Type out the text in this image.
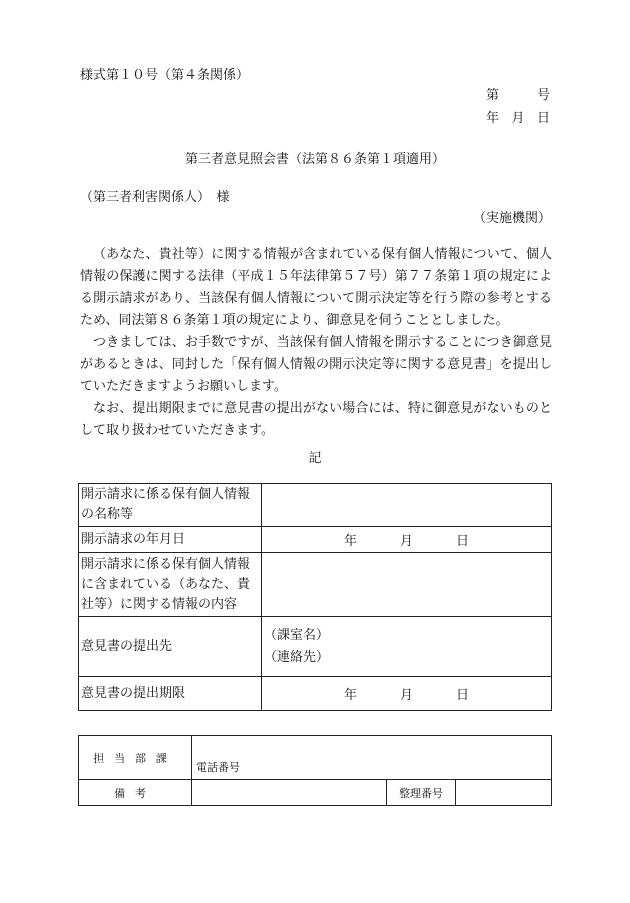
様式第１０号（第４条関係）
第	号
年 月 日
第三者意見照会書（法第８６条第１項適用）
（第三者利害関係人）　様
（実施機関）

（あなた、貴社等）に関する情報が含まれている保有個人情報について、個人情報の保護に関する法律（平成１５年法律第５７号）第７７条第１項の規定による開示請求があり、当該保有個人情報について開示決定等を行う際の参考とするため、同法第８６条第１項の規定により、御意見を伺うこととしました。

つきましては、お手数ですが、当該保有個人情報を開示することにつき御意見があるときは、同封した「保有個人情報の開示決定等に関する意見書」を提出していただきますようお願いします。

なお、提出期限までに意見書の提出がない場合には、特に御意見がないものとして取り扱わせていただきます。

記
開示請求に係る保有個人情報の名称等	
開示請求の年月日	年 月 日

開示請求に係る保有個人情報に含まれている（あなた、貴社等）に関する情報の内容	
意見書の提出先	（課室名）
（連絡先）

意見書の提出期限	年 月 日
担当部課	電話番号		
備考		整理番号	
